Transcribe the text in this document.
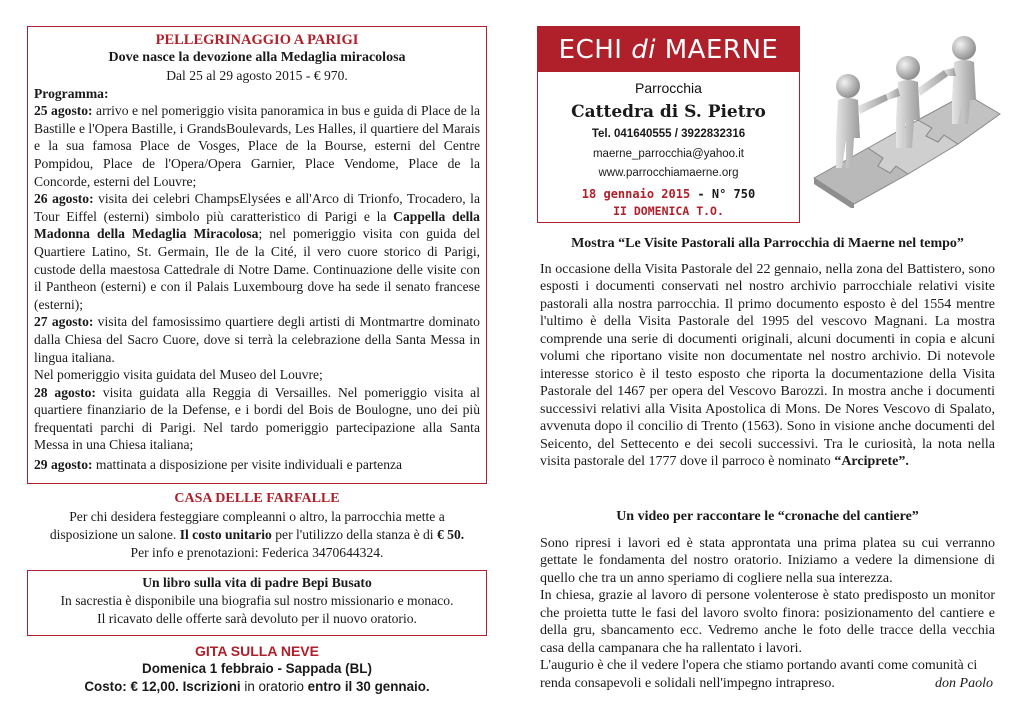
PELLEGRINAGGIO A PARIGI
Dove nasce la devozione alla Medaglia miracolosa
Dal 25 al 29 agosto 2015 - € 970.
Programma:

25 agosto: arrivo e nel pomeriggio visita panoramica in bus e guida di Place de la Bastille e l'Opera Bastille, i GrandsBoulevards, Les Halles, il quartiere del Marais e la sua famosa Place de Vosges, Place de la Bourse, esterni del Centre Pompidou, Place de l'Opera/Opera Garnier, Place Vendome, Place de la Concorde, esterni del Louvre;

26 agosto: visita dei celebri ChampsElysées e all'Arco di Trionfo, Trocadero, la Tour Eiffel (esterni) simbolo più caratteristico di Parigi e la Cappella della Madonna della Medaglia Miracolosa; nel pomeriggio visita con guida del Quartiere Latino, St. Germain, Ile de la Cité, il vero cuore storico di Parigi, custode della maestosa Cattedrale di Notre Dame. Continuazione delle visite con il Pantheon (esterni) e con il Palais Luxembourg dove ha sede il senato francese (esterni);

27 agosto: visita del famosissimo quartiere degli artisti di Montmartre dominato dalla Chiesa del Sacro Cuore, dove si terrà la celebrazione della Santa Messa in lingua italiana.

Nel pomeriggio visita guidata del Museo del Louvre;

28 agosto: visita guidata alla Reggia di Versailles. Nel pomeriggio visita al quartiere finanziario de la Defense, e i bordi del Bois de Boulogne, uno dei più frequentati parchi di Parigi. Nel tardo pomeriggio partecipazione alla Santa Messa in una Chiesa italiana;

29 agosto: mattinata a disposizione per visite individuali e partenza

CASA DELLE FARFALLE

Per chi desidera festeggiare compleanni o altro, la parrocchia mette a disposizione un salone. Il costo unitario per l'utilizzo della stanza è di € 50.

Per info e prenotazioni: Federica 3470644324.

Un libro sulla vita di padre Bepi Busato

In sacrestia è disponibile una biografia sul nostro missionario e monaco.

Il ricavato delle offerte sarà devoluto per il nuovo oratorio.

GITA SULLA NEVE
Domenica 1 febbraio - Sappada (BL)
Costo: € 12,00. Iscrizioni in oratorio entro il 30 gennaio.
ECHI di MAERNE
Parrocchia
Cattedra di S. Pietro
Tel. 041640555 / 3922832316
maerne_parrocchia@yahoo.it
www.parrocchiamaerne.org
18 gennaio 2015 - N° 750
II DOMENICA T.O.
Mostra “Le Visite Pastorali alla Parrocchia di Maerne nel tempo”

In occasione della Visita Pastorale del 22 gennaio, nella zona del Battistero, sono esposti i documenti conservati nel nostro archivio parrocchiale relativi visite pastorali alla nostra parrocchia. Il primo documento esposto è del 1554 mentre l'ultimo è della Visita Pastorale del 1995 del vescovo Magnani. La mostra comprende una serie di documenti originali, alcuni documenti in copia e alcuni volumi che riportano visite non documentate nel nostro archivio. Di notevole interesse storico è il testo esposto che riporta la documentazione della Visita Pastorale del 1467 per opera del Vescovo Barozzi. In mostra anche i documenti successivi relativi alla Visita Apostolica di Mons. De Nores Vescovo di Spalato, avvenuta dopo il concilio di Trento (1563). Sono in visione anche documenti del Seicento, del Settecento e dei secoli successivi. Tra le curiosità, la nota nella visita pastorale del 1777 dove il parroco è nominato “Arciprete”.

Un video per raccontare le “cronache del cantiere”

Sono ripresi i lavori ed è stata approntata una prima platea su cui verranno gettate le fondamenta del nostro oratorio. Iniziamo a vedere la dimensione di quello che tra un anno speriamo di cogliere nella sua interezza.

In chiesa, grazie al lavoro di persone volenterose è stato predisposto un monitor che proietta tutte le fasi del lavoro svolto finora: posizionamento del cantiere e della gru, sbancamento ecc. Vedremo anche le foto delle tracce della vecchia casa della campanara che ha rallentato i lavori.

L'augurio è che il vedere l'opera che stiamo portando avanti come comunità ci renda consapevoli e solidali nell'impegno intrapreso.	don Paolo
